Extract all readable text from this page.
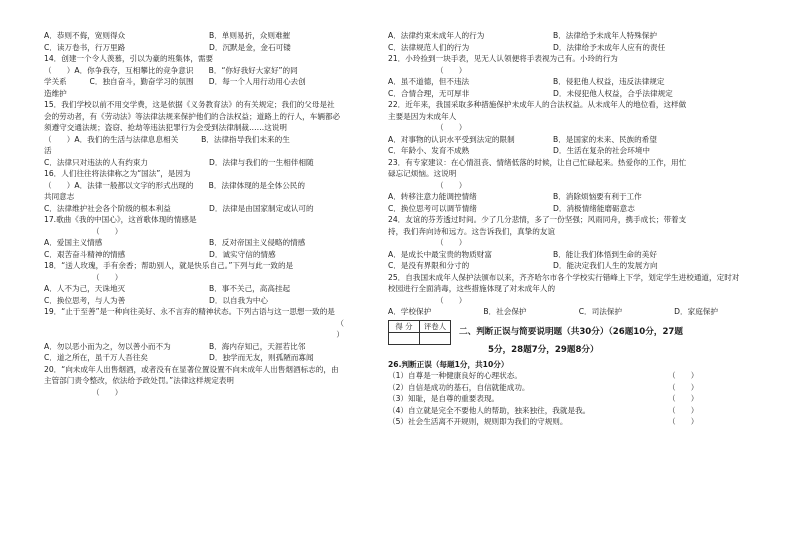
A．恭则不侮，宽则得众	B．单则易折，众则难摧
C．读万卷书，行万里路	D．沉默是金，金石可镂
14．创建一个令人羡慕，引以为豪的班集体，需要
（　　）A．你争我夺，互相攀比的竞争意识　　B．“你好我好大家好”的同
学关系　　　C．独自奋斗，勤奋学习的氛围　　D．每一个人用行动用心去创
造维护
15．我们学校以前不用交学费，这是依据《义务教育法》的有关规定；我们的父母是社
会的劳动者，有《劳动法》等法律法规来保护他们的合法权益；道路上的行人，车辆都必
须遵守交通法规；盗窃、抢劫等违法犯罪行为会受到法律制裁……这说明
（　　）A．我们的生活与法律息息相关　　　B．法律指导我们未来的生
活
C．法律只对违法的人有约束力	D．法律与我们的一生相伴相随
16．人们往往将法律称之为“国法”，是因为
（　　）A．法律一般都以文字的形式出现的　　B．法律体现的是全体公民的
共同意志
C．法律维护社会各个阶级的根本利益	D．法律是由国家制定或认可的
17.歌曲《我的中国心》，这首歌体现的情感是
（　　）
A．爱国主义情感	B．反对帝国主义侵略的情感
C．艰苦奋斗精神的情感	D．诚实守信的情感
18．“送人玫瑰，手有余香；帮助别人，就是快乐自己。”下列与此一致的是
（　　）
A．人不为己，天诛地灭	B．事不关己，高高挂起
C．换位思考，与人为善	D．以自我为中心
19．“止于至善”是一种向往美好、永不言弃的精神状态。下列古语与这一思想一致的是
（
）
A．勿以恶小而为之，勿以善小而不为	B．海内存知己，天涯若比邻
C．道之所在，虽千万人吾往矣	D．独学而无友，则孤陋而寡闻
20．“向未成年人出售烟酒，或者没有在显著位置设置不向未成年人出售烟酒标志的，由
主管部门责令整改，依法给予政处罚。”法律这样规定表明
（　　）
A．法律约束未成年人的行为	B．法律给予未成年人特殊保护
C．法律规范人们的行为	D．法律给予未成年人应有的责任
21．小玲捡到一块手表，见无人认领便将手表视为己有。小玲的行为
（　　）
A．虽不道德，但不违法	B．侵犯他人权益，违反法律规定
C．合情合理，无可厚非	D．未侵犯他人权益，合乎法律规定
22．近年来，我国采取多种措施保护未成年人的合法权益。从未成年人的地位看，这样做
主要是因为未成年人
（　　）
A．对事物的认识水平受到法定的限制	B．是国家的未来、民族的希望
C．年龄小、发育不成熟	D．生活在复杂的社会环境中
23．有专家建议：在心情沮丧、情绪低落的时候，让自己忙碌起来。热爱你的工作，用忙
碌忘记烦恼。这说明
（　　）
A．转移注意力能调控情绪	B．消除烦恼要有利于工作
C．换位思考可以调节情绪	D．消极情绪能磨砺意志
24．友谊的芬芳透过时间。少了几分悲情，多了一份坚强；风雨同舟，携手成长；带着支
持，我们奔向诗和远方。这告诉我们，真挚的友谊
（　　）
A．是成长中最宝贵的物质财富	B．能让我们体悟到生命的美好
C．是没有界限和分寸的	D．能决定我们人生的发展方向
25．自我国未成年人保护法颁布以来，齐齐哈尔市各个学校实行错峰上下学，划定学生进校通道，定时对
校园进行全面消毒，这些措施体现了对未成年人的
（　　）
A．学校保护	B．社会保护	C．司法保护	D．家庭保护
得 分	评卷人

二、判断正误与简要说明题（共30分）（26题10分，27题
5分，28题7分，29题8分）
26.判断正误（每题1分，共10分）
（1）自尊是一种健康良好的心理状态。	（　　）
（2）自信是成功的基石，自信就能成功。	（　　）
（3）知耻，是自尊的重要表现。	（　　）
（4）自立就是完全不要他人的帮助，独来独往，我就是我。	（　　）
（5）社会生活离不开规则，规则即为我们的守规则。	（　　）
